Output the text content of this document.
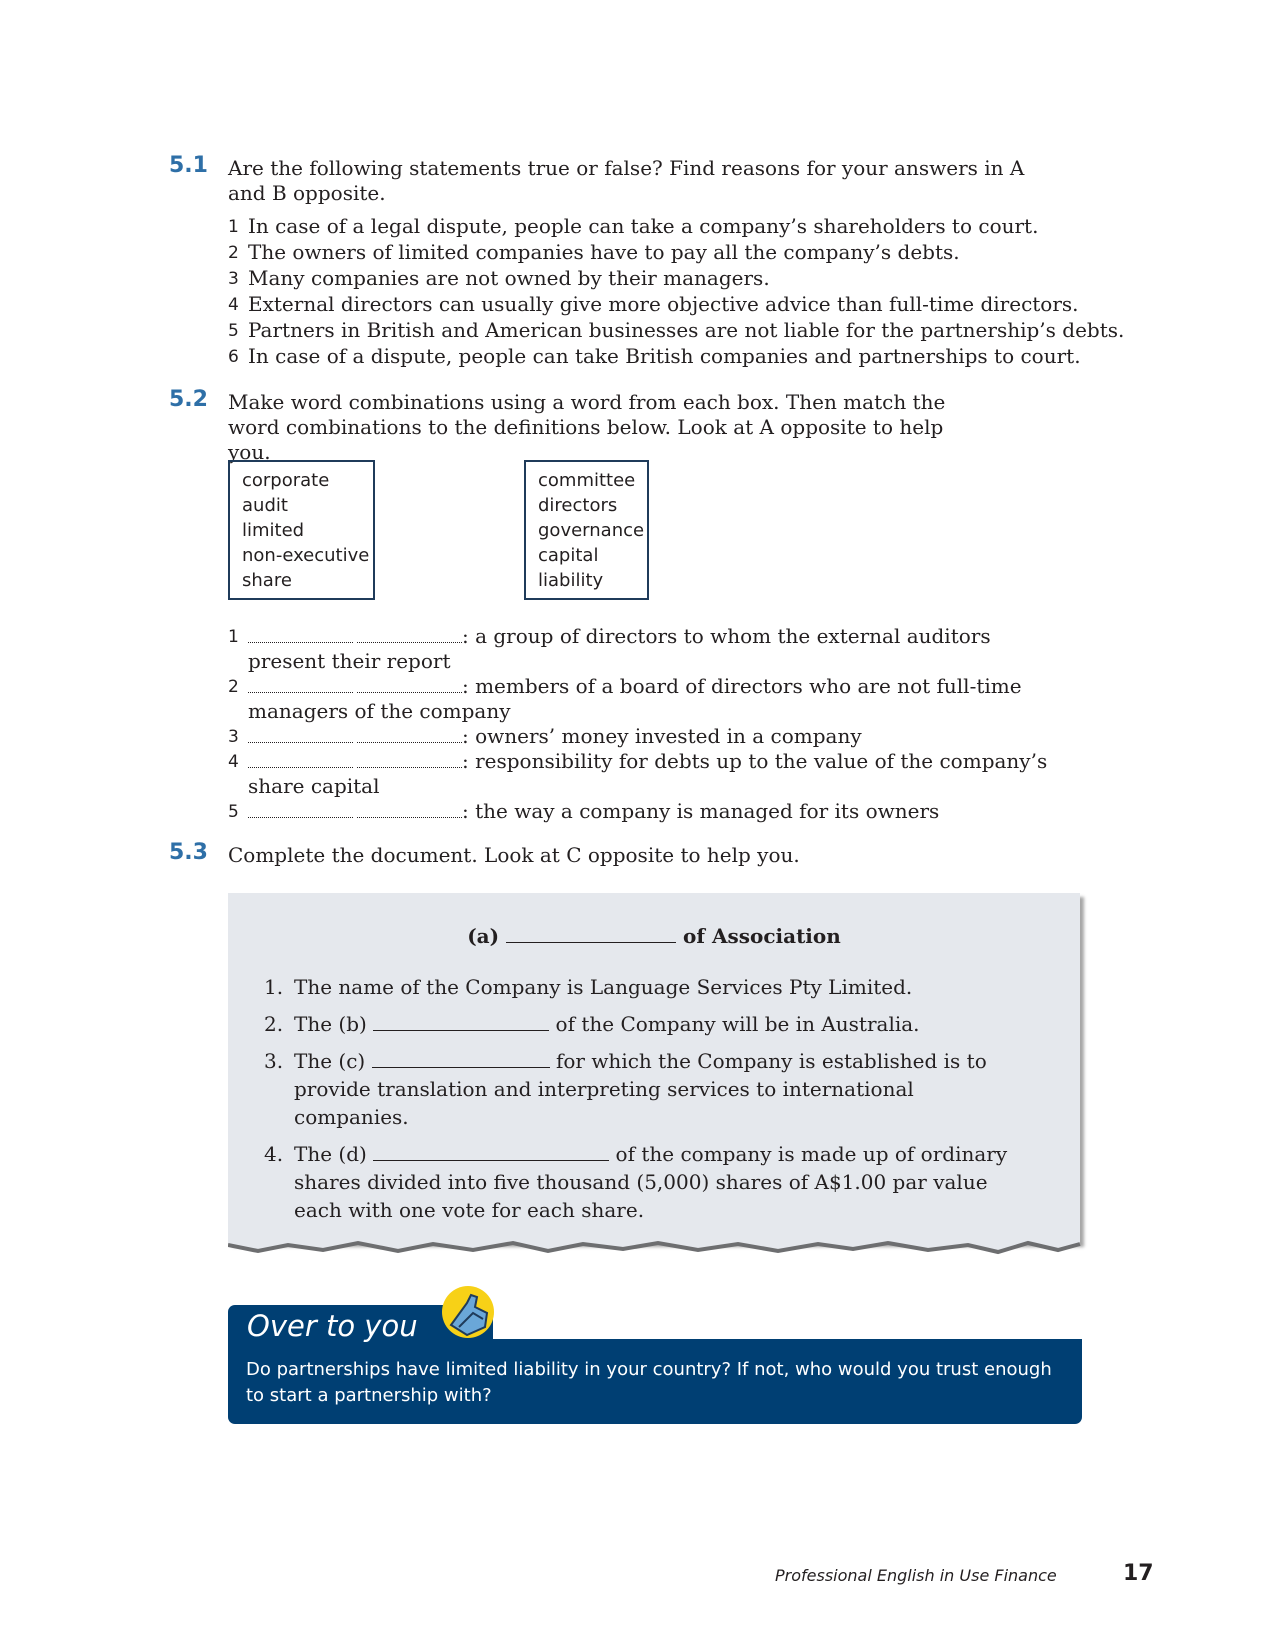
5.1 Are the following statements true or false? Find reasons for your answers in A and B opposite.
1 In case of a legal dispute, people can take a company’s shareholders to court.
2 The owners of limited companies have to pay all the company’s debts.
3 Many companies are not owned by their managers.
4 External directors can usually give more objective advice than full-time directors.
5 Partners in British and American businesses are not liable for the partnership’s debts.
6 In case of a dispute, people can take British companies and partnerships to court.
5.2 Make word combinations using a word from each box. Then match the word combinations to the definitions below. Look at A opposite to help you.
corporate
audit
limited
non-executive
share
committee
directors
governance
capital
liability
1	: a group of directors to whom the external auditors present their report
2	: members of a board of directors who are not full-time managers of the company
3	: owners’ money invested in a company
4	: responsibility for debts up to the value of the company’s share capital
5	: the way a company is managed for its owners
5.3 Complete the document. Look at C opposite to help you.
(a)	of Association
1. The name of the Company is Language Services Pty Limited.
2. The (b)	of the Company will be in Australia.
3. The (c)	for which the Company is established is to provide translation and interpreting services to international companies.
4. The (d)	of the company is made up of ordinary shares divided into five thousand (5,000) shares of A$1.00 par value each with one vote for each share.
Over to you
Do partnerships have limited liability in your country? If not, who would you trust enough to start a partnership with?
Professional English in Use Finance	17
